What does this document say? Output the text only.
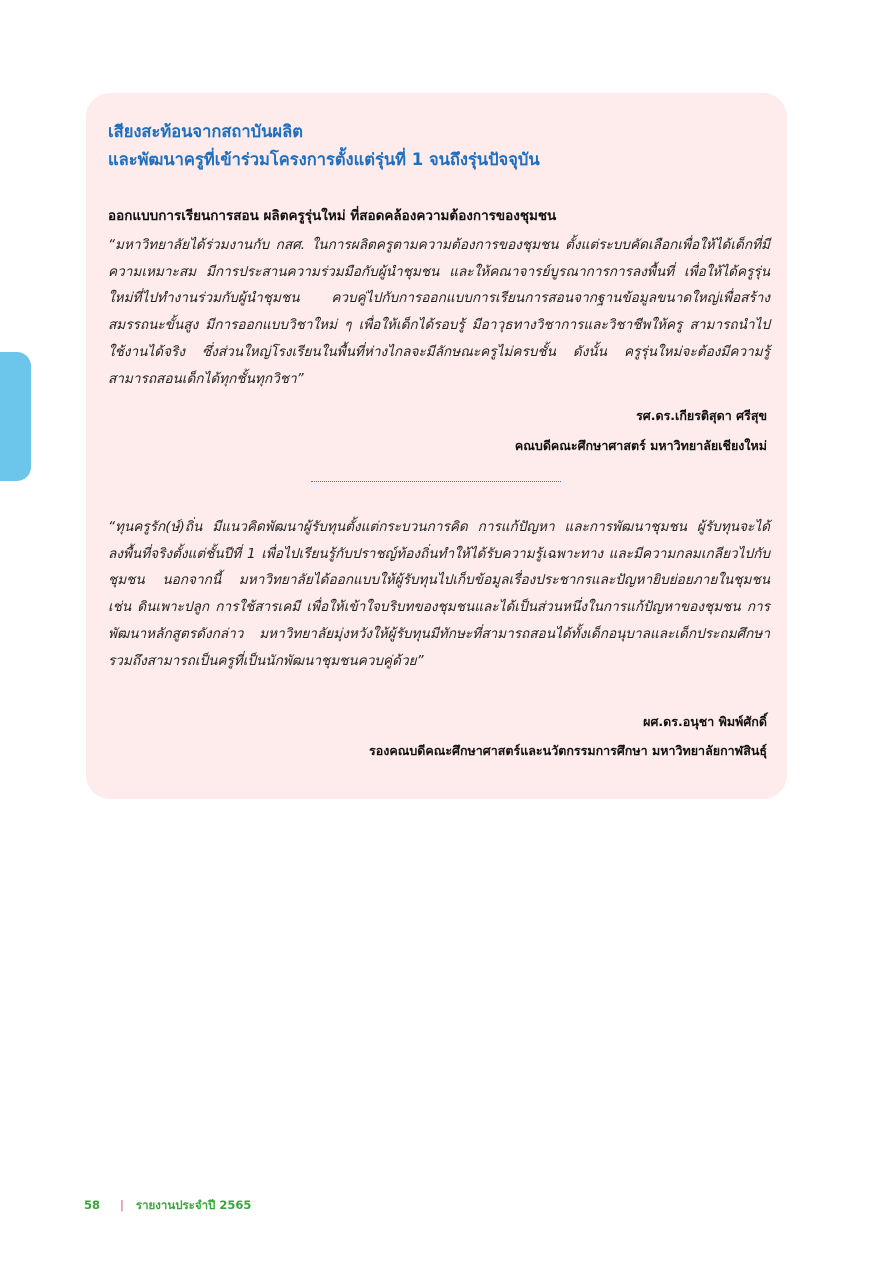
เสียงสะท้อนจากสถาบันผลิต
และพัฒนาครูที่เข้าร่วมโครงการตั้งแต่รุ่นที่ 1 จนถึงรุ่นปัจจุบัน

ออกแบบการเรียนการสอน ผลิตครูรุ่นใหม่ ที่สอดคล้องความต้องการของชุมชน

“มหาวิทยาลัยได้ร่วมงานกับ กสศ. ในการผลิตครูตามความต้องการของชุมชน ตั้งแต่ระบบคัดเลือกเพื่อให้ได้เด็กที่มีความเหมาะสม มีการประสานความร่วมมือกับผู้นำชุมชน และให้คณาจารย์บูรณาการการลงพื้นที่ เพื่อให้ได้ครูรุ่นใหม่ที่ไปทำงานร่วมกับผู้นำชุมชน ควบคู่ไปกับการออกแบบการเรียนการสอนจากฐานข้อมูลขนาดใหญ่เพื่อสร้างสมรรถนะขั้นสูง มีการออกแบบวิชาใหม่ ๆ เพื่อให้เด็กได้รอบรู้ มีอาวุธทางวิชาการและวิชาชีพให้ครู สามารถนำไปใช้งานได้จริง ซึ่งส่วนใหญ่โรงเรียนในพื้นที่ห่างไกลจะมีลักษณะครูไม่ครบชั้น ดังนั้น ครูรุ่นใหม่จะต้องมีความรู้สามารถสอนเด็กได้ทุกชั้นทุกวิชา”

รศ.ดร.เกียรติสุดา ศรีสุข

คณบดีคณะศึกษาศาสตร์ มหาวิทยาลัยเชียงใหม่

“ทุนครูรัก(ษ์)ถิ่น มีแนวคิดพัฒนาผู้รับทุนตั้งแต่กระบวนการคิด การแก้ปัญหา และการพัฒนาชุมชน ผู้รับทุนจะได้ลงพื้นที่จริงตั้งแต่ชั้นปีที่ 1 เพื่อไปเรียนรู้กับปราชญ์ท้องถิ่นทำให้ได้รับความรู้เฉพาะทาง และมีความกลมเกลียวไปกับชุมชน นอกจากนี้ มหาวิทยาลัยได้ออกแบบให้ผู้รับทุนไปเก็บข้อมูลเรื่องประชากรและปัญหายิบย่อยภายในชุมชน เช่น ดินเพาะปลูก การใช้สารเคมี เพื่อให้เข้าใจบริบทของชุมชนและได้เป็นส่วนหนึ่งในการแก้ปัญหาของชุมชน การพัฒนาหลักสูตรดังกล่าว มหาวิทยาลัยมุ่งหวังให้ผู้รับทุนมีทักษะที่สามารถสอนได้ทั้งเด็กอนุบาลและเด็กประถมศึกษา รวมถึงสามารถเป็นครูที่เป็นนักพัฒนาชุมชนควบคู่ด้วย”

ผศ.ดร.อนุชา พิมพ์ศักดิ์

รองคณบดีคณะศึกษาศาสตร์และนวัตกรรมการศึกษา มหาวิทยาลัยกาฬสินธุ์

58 | รายงานประจำปี 2565
